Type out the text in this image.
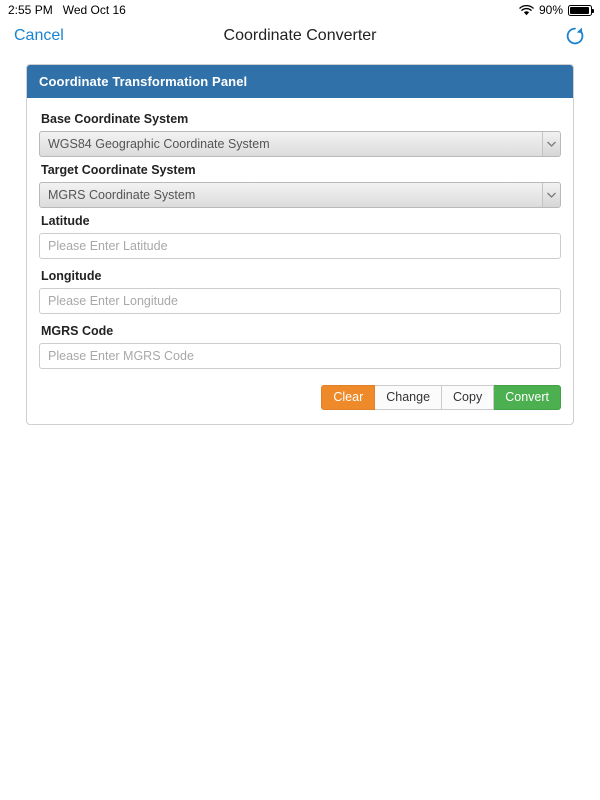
2:55 PM Wed Oct 16	90%
Cancel	Coordinate Converter
Coordinate Transformation Panel
Base Coordinate System
WGS84 Geographic Coordinate System
Target Coordinate System
MGRS Coordinate System
Latitude
Please Enter Latitude
Longitude
Please Enter Longitude
MGRS Code
Please Enter MGRS Code
Clear	Change	Copy	Convert
